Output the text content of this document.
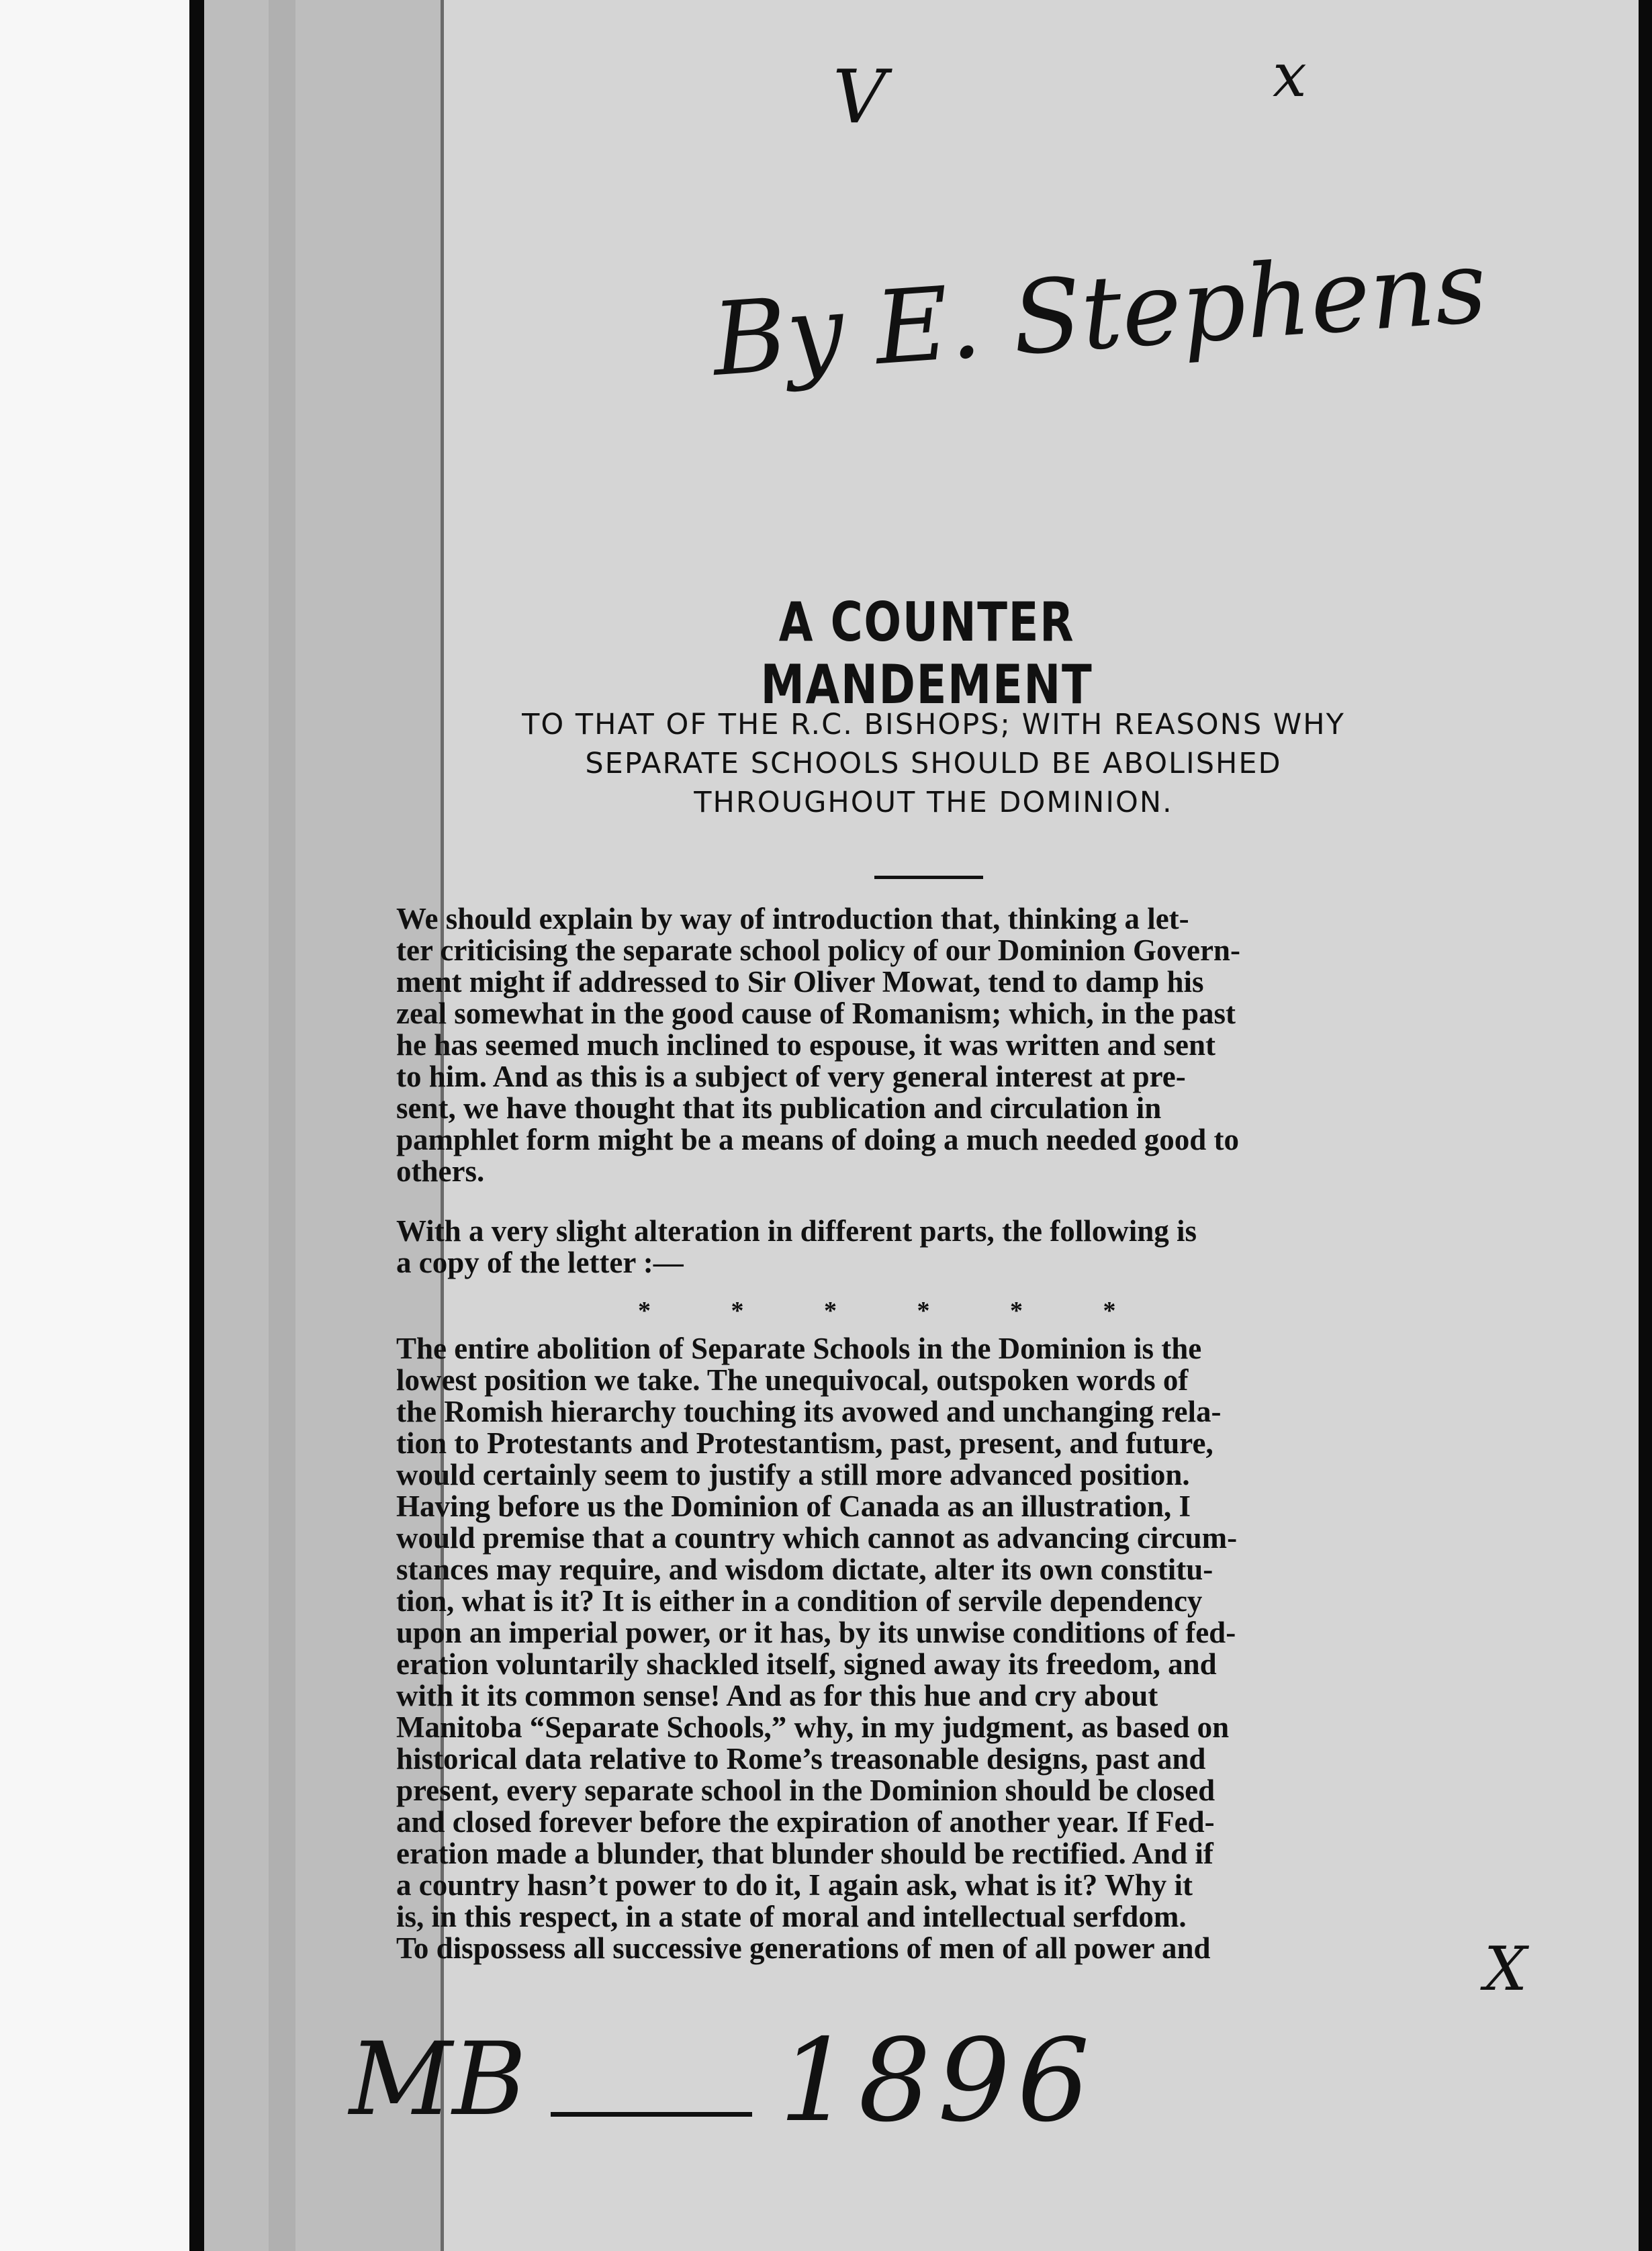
V	x
By E. Stephens
A COUNTER MANDEMENT
TO THAT OF THE R.C. BISHOPS; WITH REASONS WHY
SEPARATE SCHOOLS SHOULD BE ABOLISHED
THROUGHOUT THE DOMINION.
We should explain by way of introduction that, thinking a let-
ter criticising the separate school policy of our Dominion Govern-
ment might if addressed to Sir Oliver Mowat, tend to damp his
zeal somewhat in the good cause of Romanism; which, in the past
he has seemed much inclined to espouse, it was written and sent
to him. And as this is a subject of very general interest at pre-
sent, we have thought that its publication and circulation in
pamphlet form might be a means of doing a much needed good to
others.
With a very slight alteration in different parts, the following is
a copy of the letter :—
* * * * * *
The entire abolition of Separate Schools in the Dominion is the
lowest position we take. The unequivocal, outspoken words of
the Romish hierarchy touching its avowed and unchanging rela-
tion to Protestants and Protestantism, past, present, and future,
would certainly seem to justify a still more advanced position.
Having before us the Dominion of Canada as an illustration, I
would premise that a country which cannot as advancing circum-
stances may require, and wisdom dictate, alter its own constitu-
tion, what is it? It is either in a condition of servile dependency
upon an imperial power, or it has, by its unwise conditions of fed-
eration voluntarily shackled itself, signed away its freedom, and
with it its common sense! And as for this hue and cry about
Manitoba “Separate Schools,” why, in my judgment, as based on
historical data relative to Rome’s treasonable designs, past and
present, every separate school in the Dominion should be closed
and closed forever before the expiration of another year. If Fed-
eration made a blunder, that blunder should be rectified. And if
a country hasn’t power to do it, I again ask, what is it? Why it
is, in this respect, in a state of moral and intellectual serfdom.
To dispossess all successive generations of men of all power and	X
MB 1896
